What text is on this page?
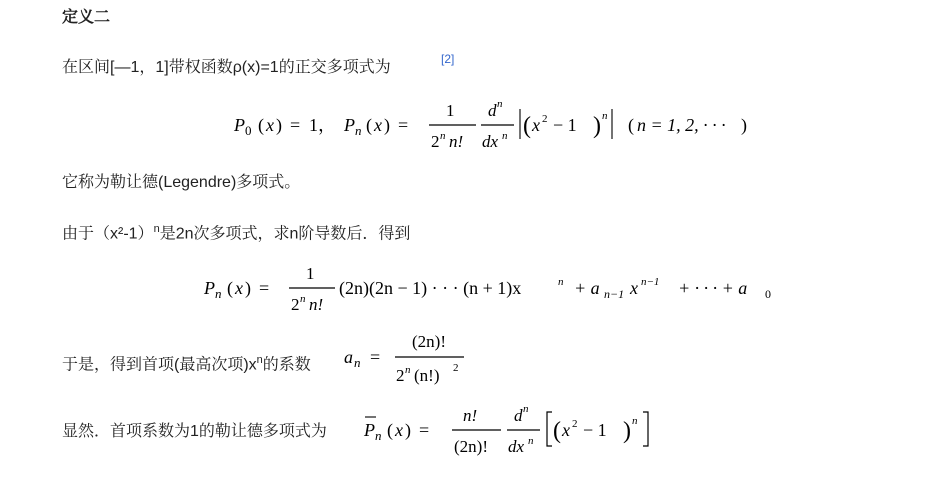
定义二
在区间[—1，1]带权函数ρ(x)=1的正交多项式为	[2]
P 0 ( x ) = 1 ， P n ( x ) =
1
2 n n!
d n
dx n ( x 2 − 1 ) n ( n = 1, 2, · · · )
它称为勒让德(Legendre)多项式。
由于$(x^2-1)^n$是2n次多项式，求n阶导数后．得到
P n ( x ) =
1
2 n n!
(2n)(2n − 1) · · · (n + 1)x	n + a n−1 x n−1 + · · · + a 0
于是，得到首项(最高次项)$x^n$的系数 a n =
(2n)!
2 n (n!) 2
显然．首项系数为1的勒让德多项式为 P n ( x ) =
n!
(2n)!
d n
dx n ( x 2 − 1 ) n
